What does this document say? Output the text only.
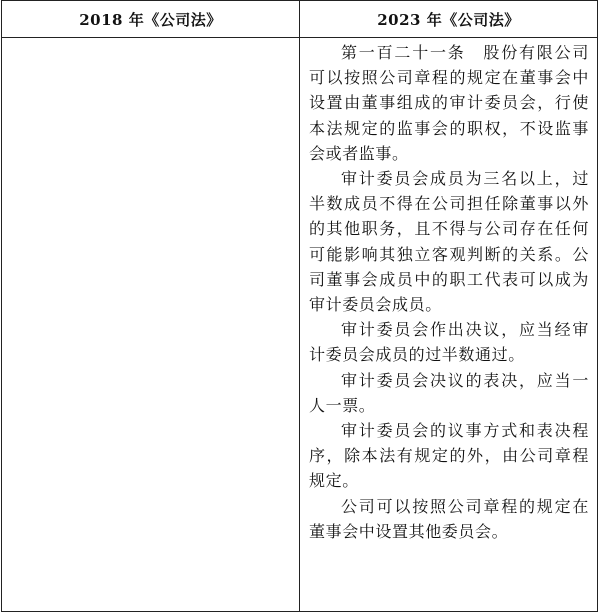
2018 年《公司法》	2023 年《公司法》

第一百二十一条　股份有限公司可以按照公司章程的规定在董事会中设置由董事组成的审计委员会，行使本法规定的监事会的职权，不设监事会或者监事。

审计委员会成员为三名以上，过半数成员不得在公司担任除董事以外的其他职务，且不得与公司存在任何可能影响其独立客观判断的关系。公司董事会成员中的职工代表可以成为审计委员会成员。

审计委员会作出决议，应当经审计委员会成员的过半数通过。

审计委员会决议的表决，应当一人一票。

审计委员会的议事方式和表决程序，除本法有规定的外，由公司章程规定。

公司可以按照公司章程的规定在董事会中设置其他委员会。
